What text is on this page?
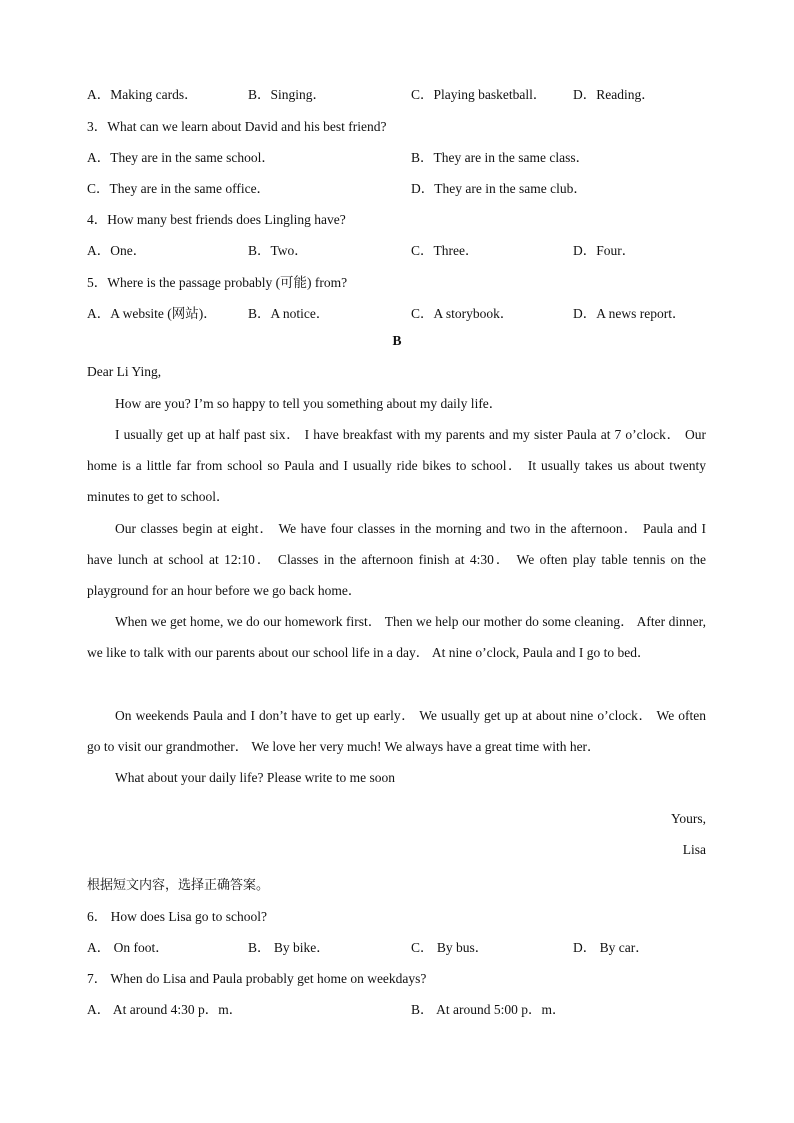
A．Making cards．	B．Singing．	C．Playing basketball． D．Reading．
3．What can we learn about David and his best friend?
A．They are in the same school．	B．They are in the same class．
C．They are in the same office．	D．They are in the same club．
4．How many best friends does Lingling have?
A．One．	B．Two．	C．Three．	D．Four．
5．Where is the passage probably (可能) from?
A．A website (网站)． B．A notice．	C．A storybook．	D．A news report．
B
Dear Li Ying,
How are you? I’m so happy to tell you something about my daily life．
I usually get up at half past six． I have breakfast with my parents and my sister Paula at 7 o’clock． Our home is a little far from school so Paula and I usually ride bikes to school． It usually takes us about twenty minutes to get to school．
Our classes begin at eight． We have four classes in the morning and two in the afternoon． Paula and I have lunch at school at 12:10． Classes in the afternoon finish at 4:30． We often play table tennis on the playground for an hour before we go back home．
When we get home, we do our homework first． Then we help our mother do some cleaning． After dinner, we like to talk with our parents about our school life in a day． At nine o’clock, Paula and I go to bed．
On weekends Paula and I don’t have to get up early． We usually get up at about nine o’clock． We often go to visit our grandmother． We love her very much! We always have a great time with her．
What about your daily life? Please write to me soon
Yours,
Lisa
根据短文内容，选择正确答案。
6． How does Lisa go to school?
A． On foot．	B． By bike．	C． By bus．	D． By car．
7． When do Lisa and Paula probably get home on weekdays?
A． At around 4:30 p．m．	B． At around 5:00 p．m．
